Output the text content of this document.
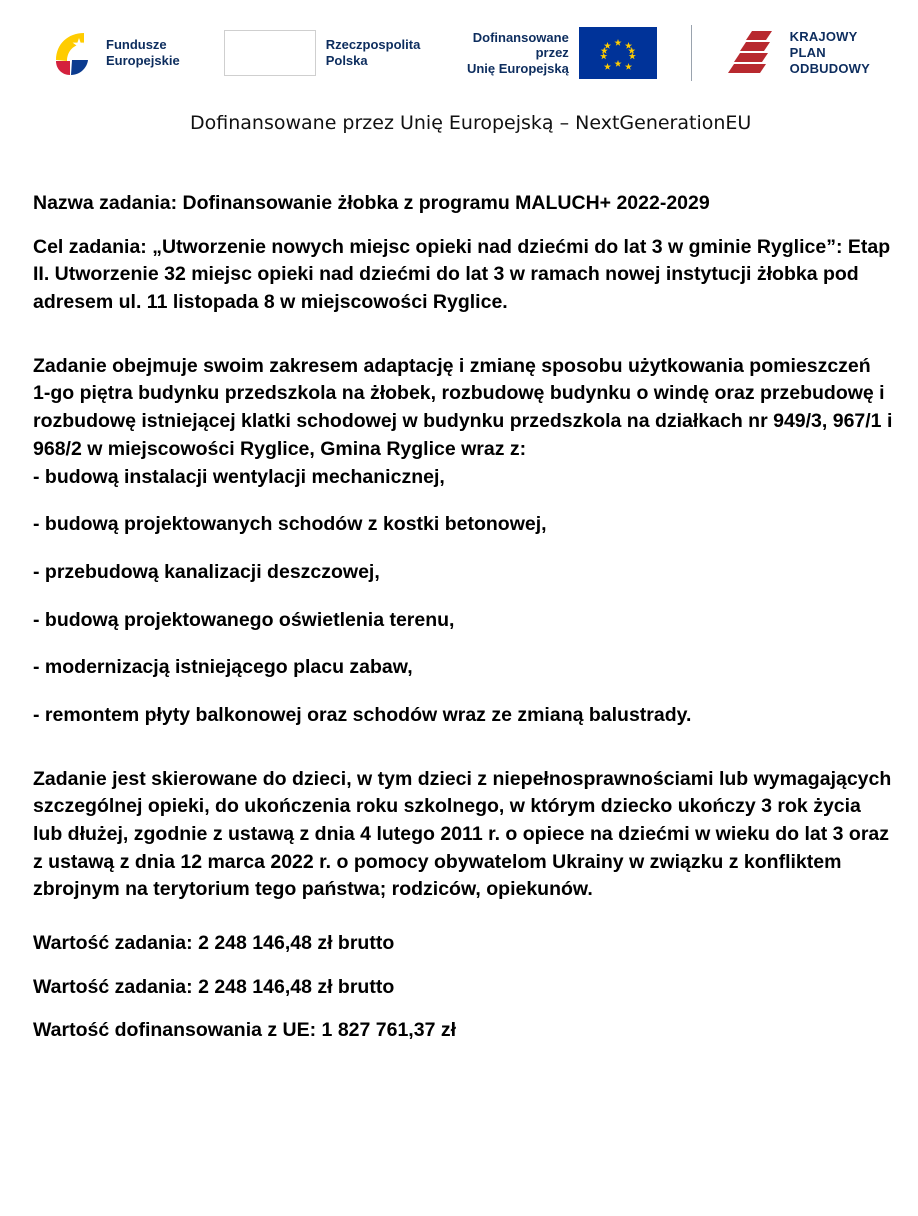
Fundusze
Europejskie
Rzeczpospolita
Polska
Dofinansowane przez
Unię Europejską
KRAJOWY
PLAN
ODBUDOWY
Dofinansowane przez Unię Europejską – NextGenerationEU

Nazwa zadania: Dofinansowanie żłobka z programu MALUCH+ 2022-2029

Cel zadania: „Utworzenie nowych miejsc opieki nad dziećmi do lat 3 w gminie Ryglice”: Etap II. Utworzenie 32 miejsc opieki nad dziećmi do lat 3 w ramach nowej instytucji żłobka pod adresem ul. 11 listopada 8 w miejscowości Ryglice.

Zadanie obejmuje swoim zakresem adaptację i zmianę sposobu użytkowania pomieszczeń 1-go piętra budynku przedszkola na żłobek, rozbudowę budynku o windę oraz przebudowę i rozbudowę istniejącej klatki schodowej w budynku przedszkola na działkach nr 949/3, 967/1 i 968/2 w miejscowości Ryglice, Gmina Ryglice wraz z:

- budową instalacji wentylacji mechanicznej,

- budową projektowanych schodów z kostki betonowej,

- przebudową kanalizacji deszczowej,

- budową projektowanego oświetlenia terenu,

- modernizacją istniejącego placu zabaw,

- remontem płyty balkonowej oraz schodów wraz ze zmianą balustrady.

Zadanie jest skierowane do dzieci, w tym dzieci z niepełnosprawnościami lub wymagających szczególnej opieki, do ukończenia roku szkolnego, w którym dziecko ukończy 3 rok życia lub dłużej, zgodnie z ustawą z dnia 4 lutego 2011 r. o opiece na dziećmi w wieku do lat 3 oraz z ustawą z dnia 12 marca 2022 r. o pomocy obywatelom Ukrainy w związku z konfliktem zbrojnym na terytorium tego państwa; rodziców, opiekunów.

Wartość zadania: 2 248 146,48 zł brutto

Wartość zadania: 2 248 146,48 zł brutto

Wartość dofinansowania z UE: 1 827 761,37 zł
